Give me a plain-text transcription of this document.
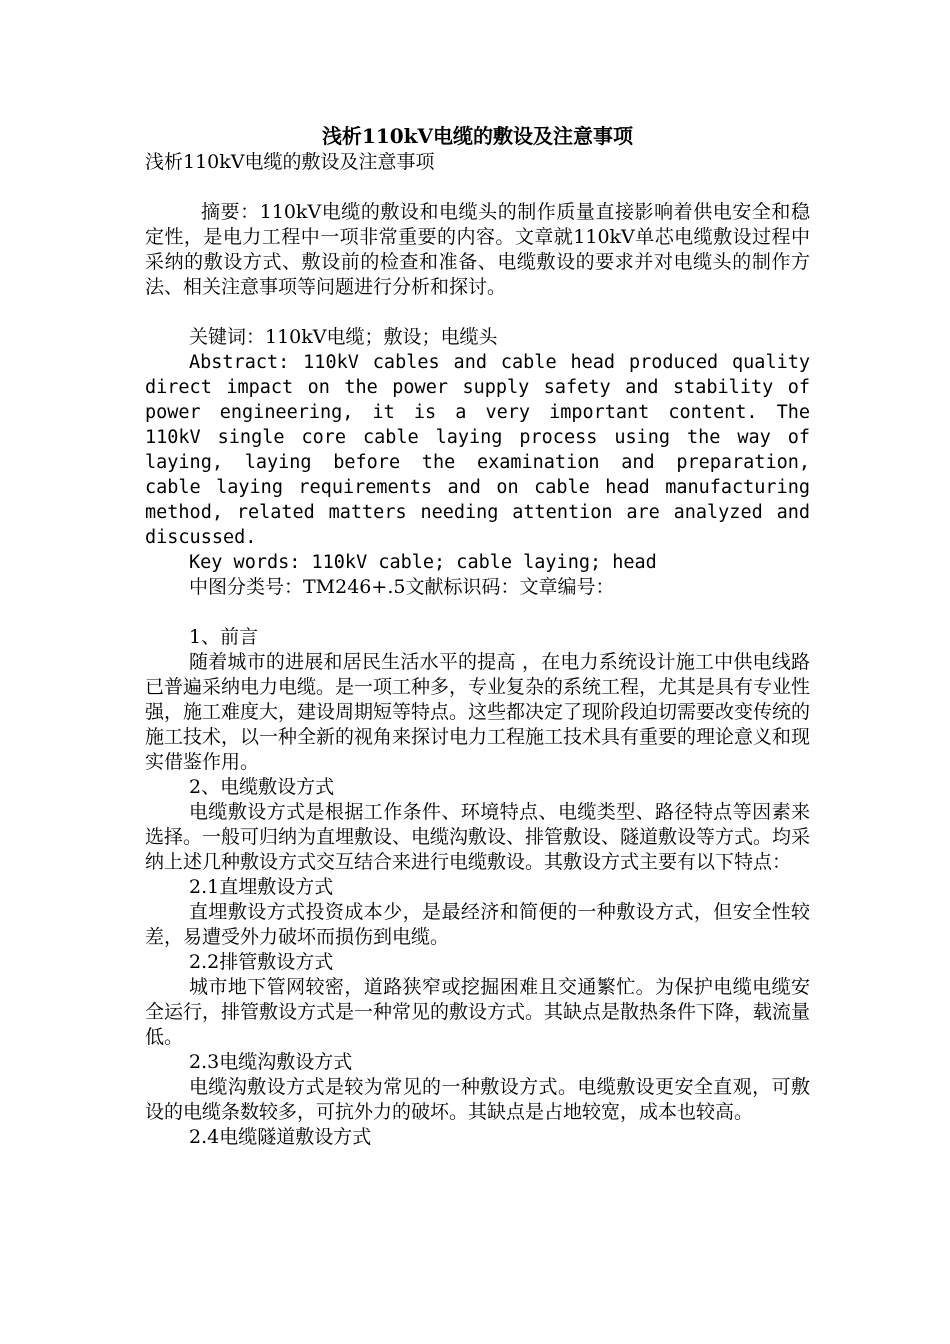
浅析110kV电缆的敷设及注意事项

浅析110kV电缆的敷设及注意事项

摘要：110kV电缆的敷设和电缆头的制作质量直接影响着供电安全和稳定性，是电力工程中一项非常重要的内容。文章就110kV单芯电缆敷设过程中采纳的敷设方式、敷设前的检查和准备、电缆敷设的要求并对电缆头的制作方法、相关注意事项等问题进行分析和探讨。

关键词：110kV电缆；敷设；电缆头

Abstract: 110kV cables and cable head produced quality direct impact on the power supply safety and stability of power engineering, it is a very important content. The 110kV single core cable laying process using the way of laying, laying before the examination and preparation, cable laying requirements and on cable head manufacturing method, related matters needing attention are analyzed and discussed.

Key words: 110kV cable; cable laying; head

中图分类号：TM246+.5文献标识码：文章编号：

1、前言

随着城市的进展和居民生活水平的提高 ，在电力系统设计施工中供电线路已普遍采纳电力电缆。是一项工种多，专业复杂的系统工程，尤其是具有专业性强，施工难度大，建设周期短等特点。这些都决定了现阶段迫切需要改变传统的施工技术，以一种全新的视角来探讨电力工程施工技术具有重要的理论意义和现实借鉴作用。

2、电缆敷设方式

电缆敷设方式是根据工作条件、环境特点、电缆类型、路径特点等因素来选择。一般可归纳为直埋敷设、电缆沟敷设、排管敷设、隧道敷设等方式。均采纳上述几种敷设方式交互结合来进行电缆敷设。其敷设方式主要有以下特点：

2.1直埋敷设方式

直埋敷设方式投资成本少，是最经济和简便的一种敷设方式，但安全性较差，易遭受外力破坏而损伤到电缆。

2.2排管敷设方式

城市地下管网较密，道路狭窄或挖掘困难且交通繁忙。为保护电缆电缆安全运行，排管敷设方式是一种常见的敷设方式。其缺点是散热条件下降，载流量低。

2.3电缆沟敷设方式

电缆沟敷设方式是较为常见的一种敷设方式。电缆敷设更安全直观，可敷设的电缆条数较多，可抗外力的破坏。其缺点是占地较宽，成本也较高。

2.4电缆隧道敷设方式
